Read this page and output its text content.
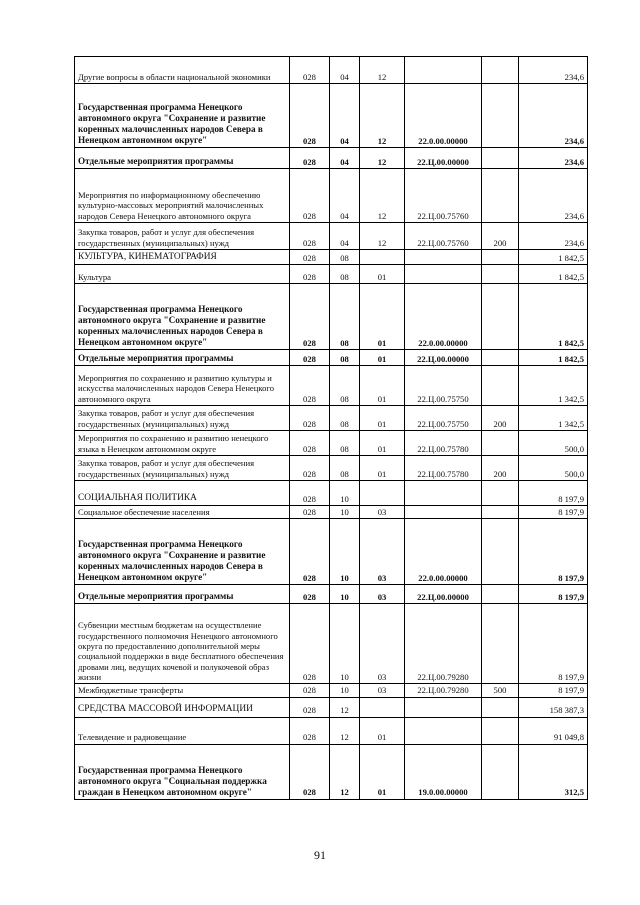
Другие вопросы в области национальной экономики	028	04	12			234,6

Государственная программа Ненецкого автономного округа "Сохранение и развитие коренных малочисленных народов Севера в Ненецком автономном округе"	028	04	12	22.0.00.00000		234,6

Отдельные мероприятия программы	028	04	12	22.Ц.00.00000		234,6

Мероприятия по информационному обеспечению культурно-массовых мероприятий малочисленных народов Севера Ненецкого автономного округа	028	04	12	22.Ц.00.75760		234,6

Закупка товаров, работ и услуг для обеспечения государственных (муниципальных) нужд	028	04	12	22.Ц.00.75760	200	234,6

КУЛЬТУРА, КИНЕМАТОГРАФИЯ	028	08				1 842,5

Культура	028	08	01			1 842,5

Государственная программа Ненецкого автономного округа "Сохранение и развитие коренных малочисленных народов Севера в Ненецком автономном округе"	028	08	01	22.0.00.00000		1 842,5

Отдельные мероприятия программы	028	08	01	22.Ц.00.00000		1 842,5

Мероприятия по сохранению и развитию культуры и искусства малочисленных народов Севера Ненецкого автономного округа	028	08	01	22.Ц.00.75750		1 342,5

Закупка товаров, работ и услуг для обеспечения государственных (муниципальных) нужд	028	08	01	22.Ц.00.75750	200	1 342,5

Мероприятия по сохранению и развитию ненецкого языка в Ненецком автономном округе	028	08	01	22.Ц.00.75780		500,0

Закупка товаров, работ и услуг для обеспечения государственных (муниципальных) нужд	028	08	01	22.Ц.00.75780	200	500,0

СОЦИАЛЬНАЯ ПОЛИТИКА	028	10				8 197,9

Социальное обеспечение населения	028	10	03			8 197,9

Государственная программа Ненецкого автономного округа "Сохранение и развитие коренных малочисленных народов Севера в Ненецком автономном округе"	028	10	03	22.0.00.00000		8 197,9

Отдельные мероприятия программы	028	10	03	22.Ц.00.00000		8 197,9

Субвенции местным бюджетам на осуществление государственного полномочия Ненецкого автономного округа по предоставлению дополнительной меры социальной поддержки в виде бесплатного обеспечения дровами лиц, ведущих кочевой и полукочевой образ жизни	028	10	03	22.Ц.00.79280		8 197,9

Межбюджетные трансферты	028	10	03	22.Ц.00.79280	500	8 197,9

СРЕДСТВА МАССОВОЙ ИНФОРМАЦИИ	028	12				158 387,3

Телевидение и радиовещание	028	12	01			91 049,8

Государственная программа Ненецкого автономного округа "Социальная поддержка граждан в Ненецком автономном округе"	028	12	01	19.0.00.00000		312,5
91
